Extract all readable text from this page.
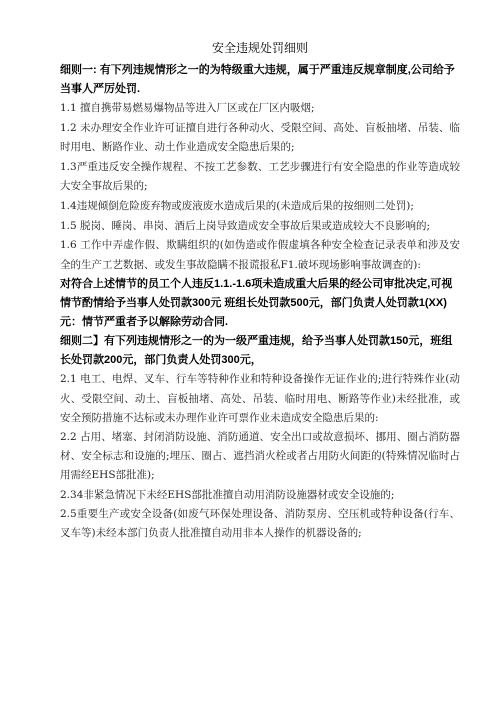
安全违规处罚细则

细则一: 有下列违规情形之一的为特级重大违规，属于严重违反规章制度,公司给予当事人严厉处罚.

1.1 擅自携带易燃易爆物品等进入厂区或在厂区内吸烟;

1.2 未办理安全作业许可证擅自进行各种动火、受限空间、高处、盲板抽堵、吊装、临时用电、断路作业、动土作业造成安全隐患后果的;

1.3严重违反安全操作规程、不按工艺参数、工艺步骤进行有安全隐患的作业等造成较大安全事故后果的;

1.4违规倾倒危险废弃物或废液废水造成后果的(未造成后果的按细则二处罚);

1.5 脱岗、睡岗、串岗、酒后上岗导致造成安全事故后果或造成较大不良影响的;

1.6 工作中弄虚作假、欺瞒组织的(如伪造或作假虚填各种安全检查记录表单和涉及安全的生产工艺数据、或发生事故隐瞒不报谎报私F1.破坏现场影响事故调查的):

对符合上述情节的员工个人违反1.1.-1.6项未造成重大后果的经公司审批决定,可视情节酌情给予当事人处罚款300元 班组长处罚款500元，部门负责人处罚款1(XX)元：情节严重者予以解除劳动合同.

细则二】有下列违规情形之一的为一级严重违规，给予当事人处罚款150元，班组长处罚款200元，部门负责人处罚300元，

2.1 电工、电焊、叉车、行车等特种作业和特种设备操作无证作业的;进行特殊作业(动火、受限空间、动土、盲板抽堵、高处、吊装、临时用电、断路等作业)未经批准，或安全预防措施不达标或未办理作业许可票作业未造成安全隐患后果的:

2.2 占用、堵塞、封闭消防设施、消防通道、安全出口或故意损坏、挪用、圈占消防器材、安全标志和设施的;埋压、圈占、遮挡消火栓或者占用防火间距的(特殊情况临时占用需经EHS部批准);

2.34非紧急情况下未经EHS部批准擅自动用消防设施器材或安全设施的;

2.5重要生产或安全设备(如废气环保处理设备、消防泵房、空压机或特种设备(行车、叉车等)未经本部门负责人批准擅自动用非本人操作的机器设备的;
